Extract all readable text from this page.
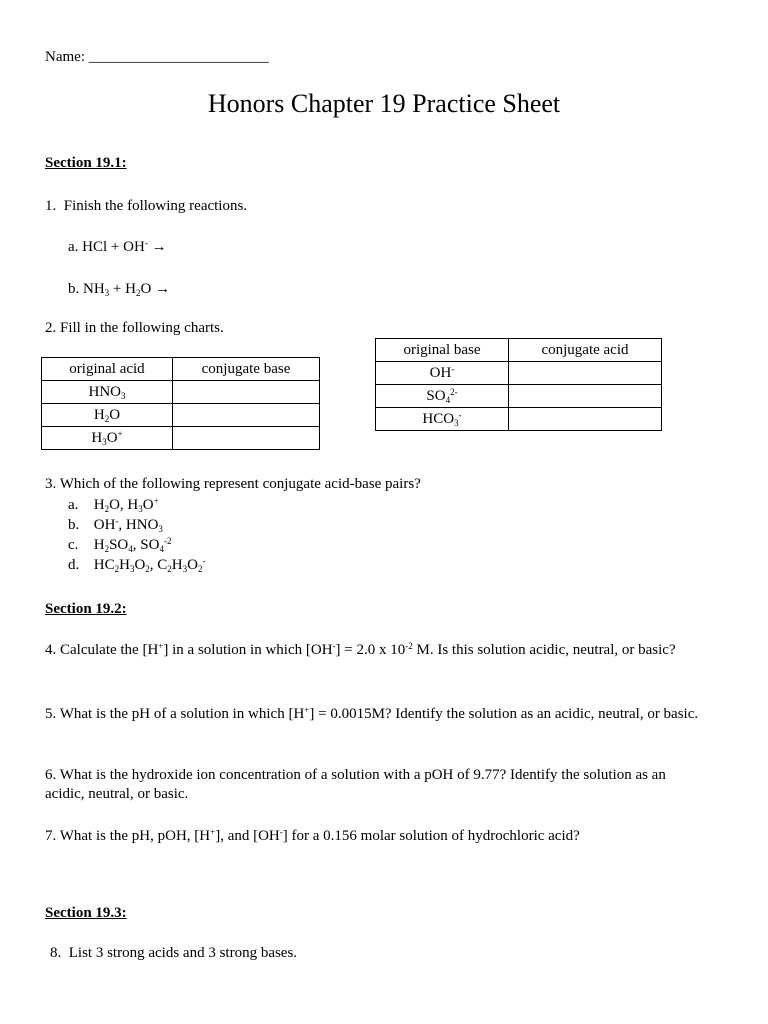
Name: ________________________
Honors Chapter 19 Practice Sheet
Section 19.1:
1. Finish the following reactions.
a. HCl + OH- →
b. $NH_3 + H_2O$ →
2. Fill in the following charts.
original acid	conjugate base
$HNO_3$	
$H_2O$	
$H_3O^+$	
original base	conjugate acid
OH-	
$SO_4^{2-}$	
$HCO_3^-$	
3. Which of the following represent conjugate acid-base pairs?
a. $H_2O$, $H_3O^+$
b. OH-, $HNO_3$
c. $H_2SO_4$, $SO_4^{-2}$
d. $HC_2H_3O_2$, $C_2H_3O_2^-$
Section 19.2:
4. Calculate the [H+] in a solution in which [OH-] = 2.0 x $10^{-2}$ M. Is this solution acidic, neutral, or basic?
5. What is the pH of a solution in which [H+] = 0.0015M? Identify the solution as an acidic, neutral, or basic.
6. What is the hydroxide ion concentration of a solution with a pOH of 9.77? Identify the solution as an acidic, neutral, or basic.
7. What is the pH, pOH, [H+], and [OH-] for a 0.156 molar solution of hydrochloric acid?
Section 19.3:
8. List 3 strong acids and 3 strong bases.
